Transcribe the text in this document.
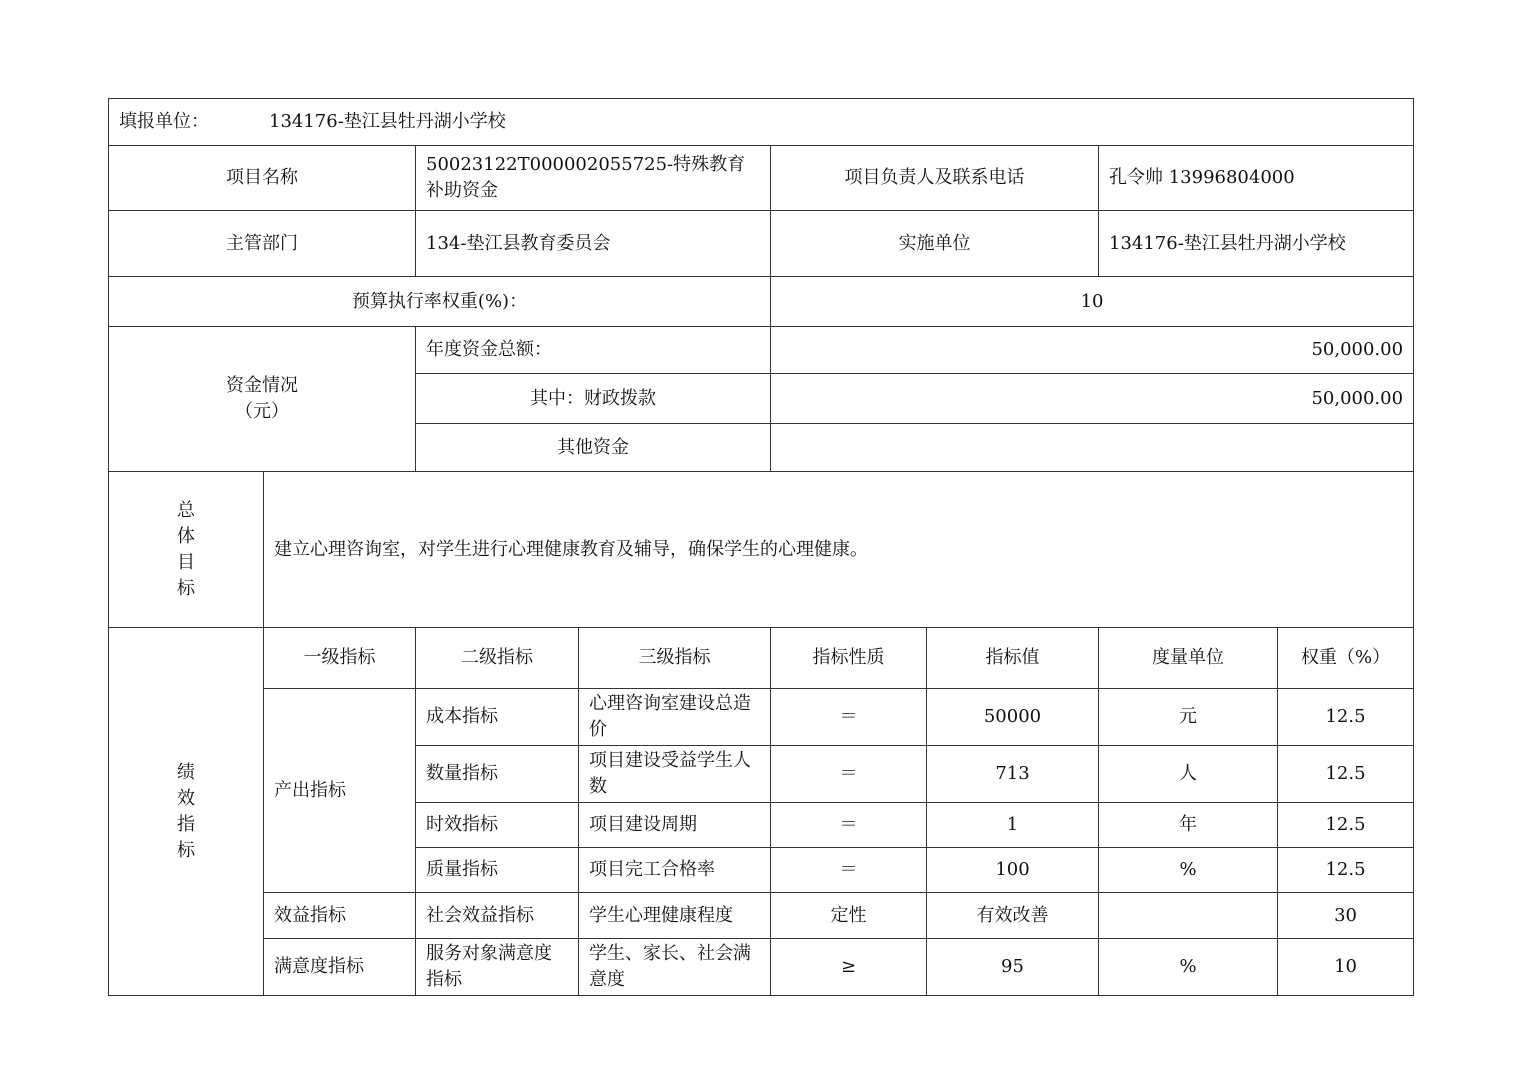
填报单位： 134176-垫江县牡丹湖小学校							
项目名称		50023122T000002055725-特殊教育补助资金		项目负责人及联系电话		孔令帅 13996804000	
主管部门		134-垫江县教育委员会		实施单位		134176-垫江县牡丹湖小学校	
预算执行率权重(%)：				10			

资金情况
（元）		年度资金总额：		50,000.00			
		其中：财政拨款		50,000.00			
		其他资金					

总
体
目
标	建立心理咨询室，对学生进行心理健康教育及辅导，确保学生的心理健康。						

绩
效
指
标	一级指标	二级指标	三级指标	指标性质	指标值	度量单位	权重（%）
	产出指标	成本指标	心理咨询室建设总造价	＝	50000	元	12.5
		数量指标	项目建设受益学生人数	＝	713	人	12.5
		时效指标	项目建设周期	＝	1	年	12.5
		质量指标	项目完工合格率	＝	100	%	12.5
	效益指标	社会效益指标	学生心理健康程度	定性	有效改善		30
	满意度指标	服务对象满意度指标	学生、家长、社会满意度	≥	95	%	10
